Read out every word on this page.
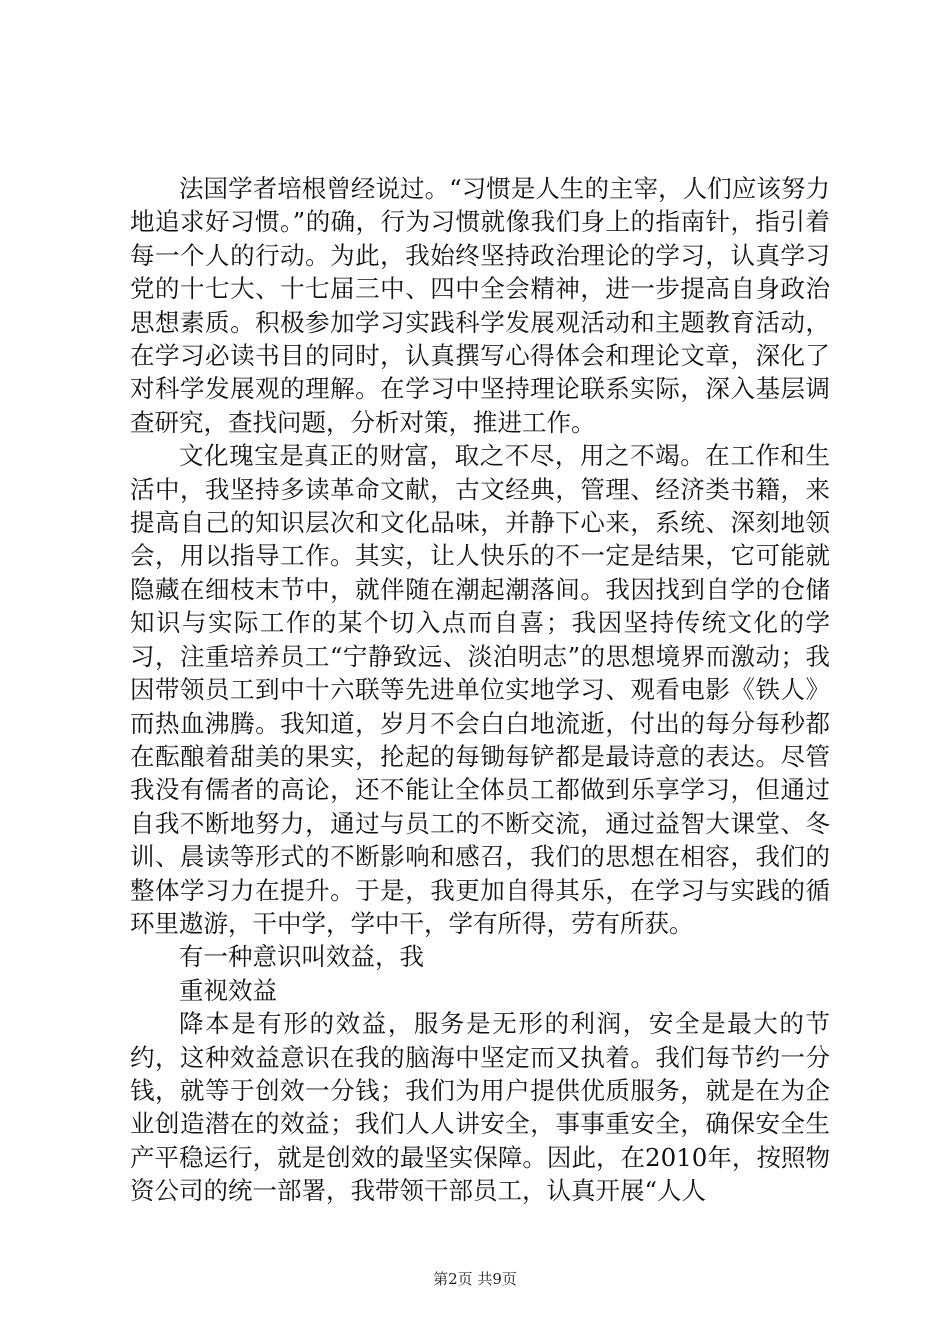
法国学者培根曾经说过。“习惯是人生的主宰，人们应该努力地追求好习惯。”的确，行为习惯就像我们身上的指南针，指引着每一个人的行动。为此，我始终坚持政治理论的学习，认真学习党的十七大、十七届三中、四中全会精神，进一步提高自身政治思想素质。积极参加学习实践科学发展观活动和主题教育活动，在学习必读书目的同时，认真撰写心得体会和理论文章，深化了对科学发展观的理解。在学习中坚持理论联系实际，深入基层调查研究，查找问题，分析对策，推进工作。

文化瑰宝是真正的财富，取之不尽，用之不竭。在工作和生活中，我坚持多读革命文献，古文经典，管理、经济类书籍，来提高自己的知识层次和文化品味，并静下心来，系统、深刻地领会，用以指导工作。其实，让人快乐的不一定是结果，它可能就隐藏在细枝末节中，就伴随在潮起潮落间。我因找到自学的仓储知识与实际工作的某个切入点而自喜；我因坚持传统文化的学习，注重培养员工“宁静致远、淡泊明志”的思想境界而激动；我因带领员工到中十六联等先进单位实地学习、观看电影《铁人》而热血沸腾。我知道，岁月不会白白地流逝，付出的每分每秒都在酝酿着甜美的果实，抡起的每锄每铲都是最诗意的表达。尽管我没有儒者的高论，还不能让全体员工都做到乐享学习，但通过自我不断地努力，通过与员工的不断交流，通过益智大课堂、冬训、晨读等形式的不断影响和感召，我们的思想在相容，我们的整体学习力在提升。于是，我更加自得其乐，在学习与实践的循环里遨游，干中学，学中干，学有所得，劳有所获。

有一种意识叫效益，我

重视效益

降本是有形的效益，服务是无形的利润，安全是最大的节约，这种效益意识在我的脑海中坚定而又执着。我们每节约一分钱，就等于创效一分钱；我们为用户提供优质服务，就是在为企业创造潜在的效益；我们人人讲安全，事事重安全，确保安全生产平稳运行，就是创效的最坚实保障。因此，在2010年，按照物资公司的统一部署，我带领干部员工，认真开展“人人

第2页 共9页
